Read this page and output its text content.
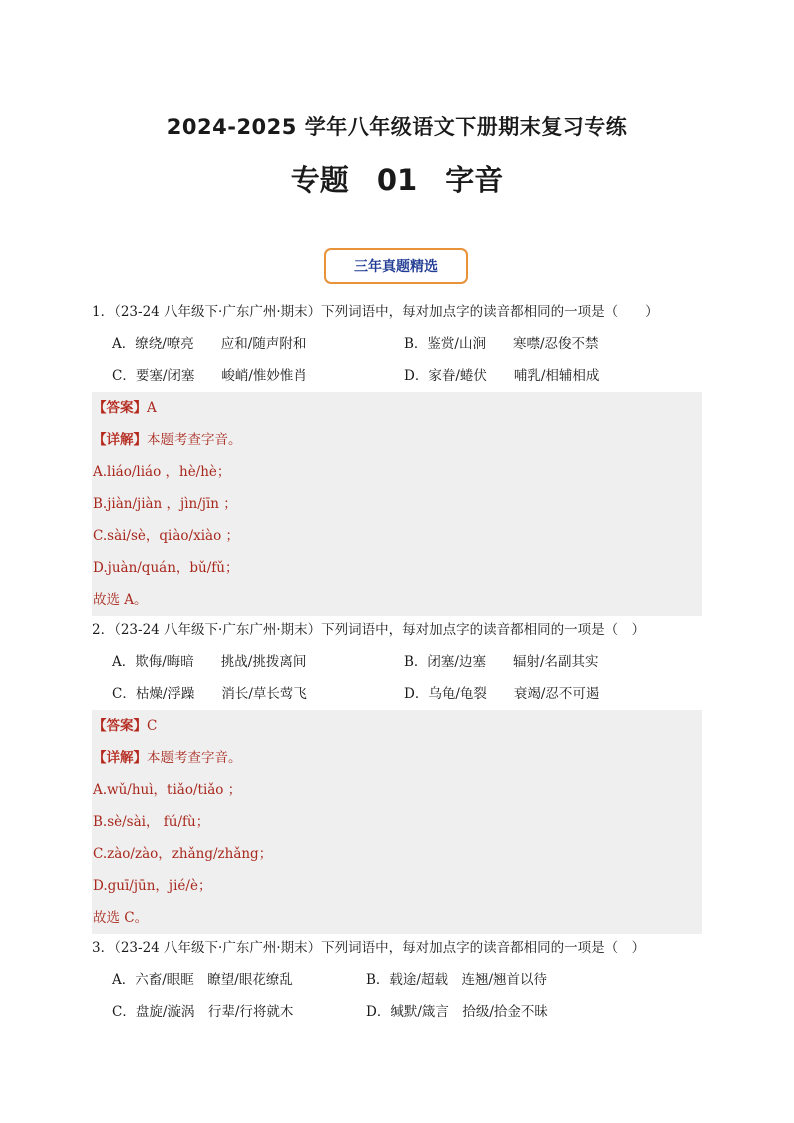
2024-2025 学年八年级语文下册期末复习专练
专题 01 字音
三年真题精选
1．（23-24 八年级下·广东广州·期末）下列词语中，每对加点字的读音都相同的一项是（　　）
A．缭绕/嘹亮　　应和/随声附和	B．鉴赏/山涧　　寒噤/忍俊不禁
C．要塞/闭塞　　峻峭/惟妙惟肖	D．家眷/蜷伏　　哺乳/相辅相成
【答案】A
【详解】本题考查字音。
A.liáo/liáo ，hè/hè；
B.jiàn/jiàn ，jìn/jīn ；
C.sài/sè，qiào/xiào ；
D.juàn/quán，bǔ/fǔ；
故选 A。
2．（23-24 八年级下·广东广州·期末）下列词语中，每对加点字的读音都相同的一项是（　）
A．欺侮/晦暗　　挑战/挑拨离间	B．闭塞/边塞　　辐射/名副其实
C．枯燥/浮躁　　消长/草长莺飞	D．乌龟/龟裂　　衰竭/忍不可遏
【答案】C
【详解】本题考查字音。
A.wǔ/huì，tiǎo/tiǎo ；
B.sè/sài， fú/fù；
C.zào/zào，zhǎng/zhǎng；
D.guī/jūn，jié/è；
故选 C。
3．（23-24 八年级下·广东广州·期末）下列词语中，每对加点字的读音都相同的一项是（　）
A．六畜/眼眶　瞭望/眼花缭乱	B．载途/超载　连翘/翘首以待
C．盘旋/漩涡　行辈/行将就木	D．缄默/箴言　拾级/拾金不昧
